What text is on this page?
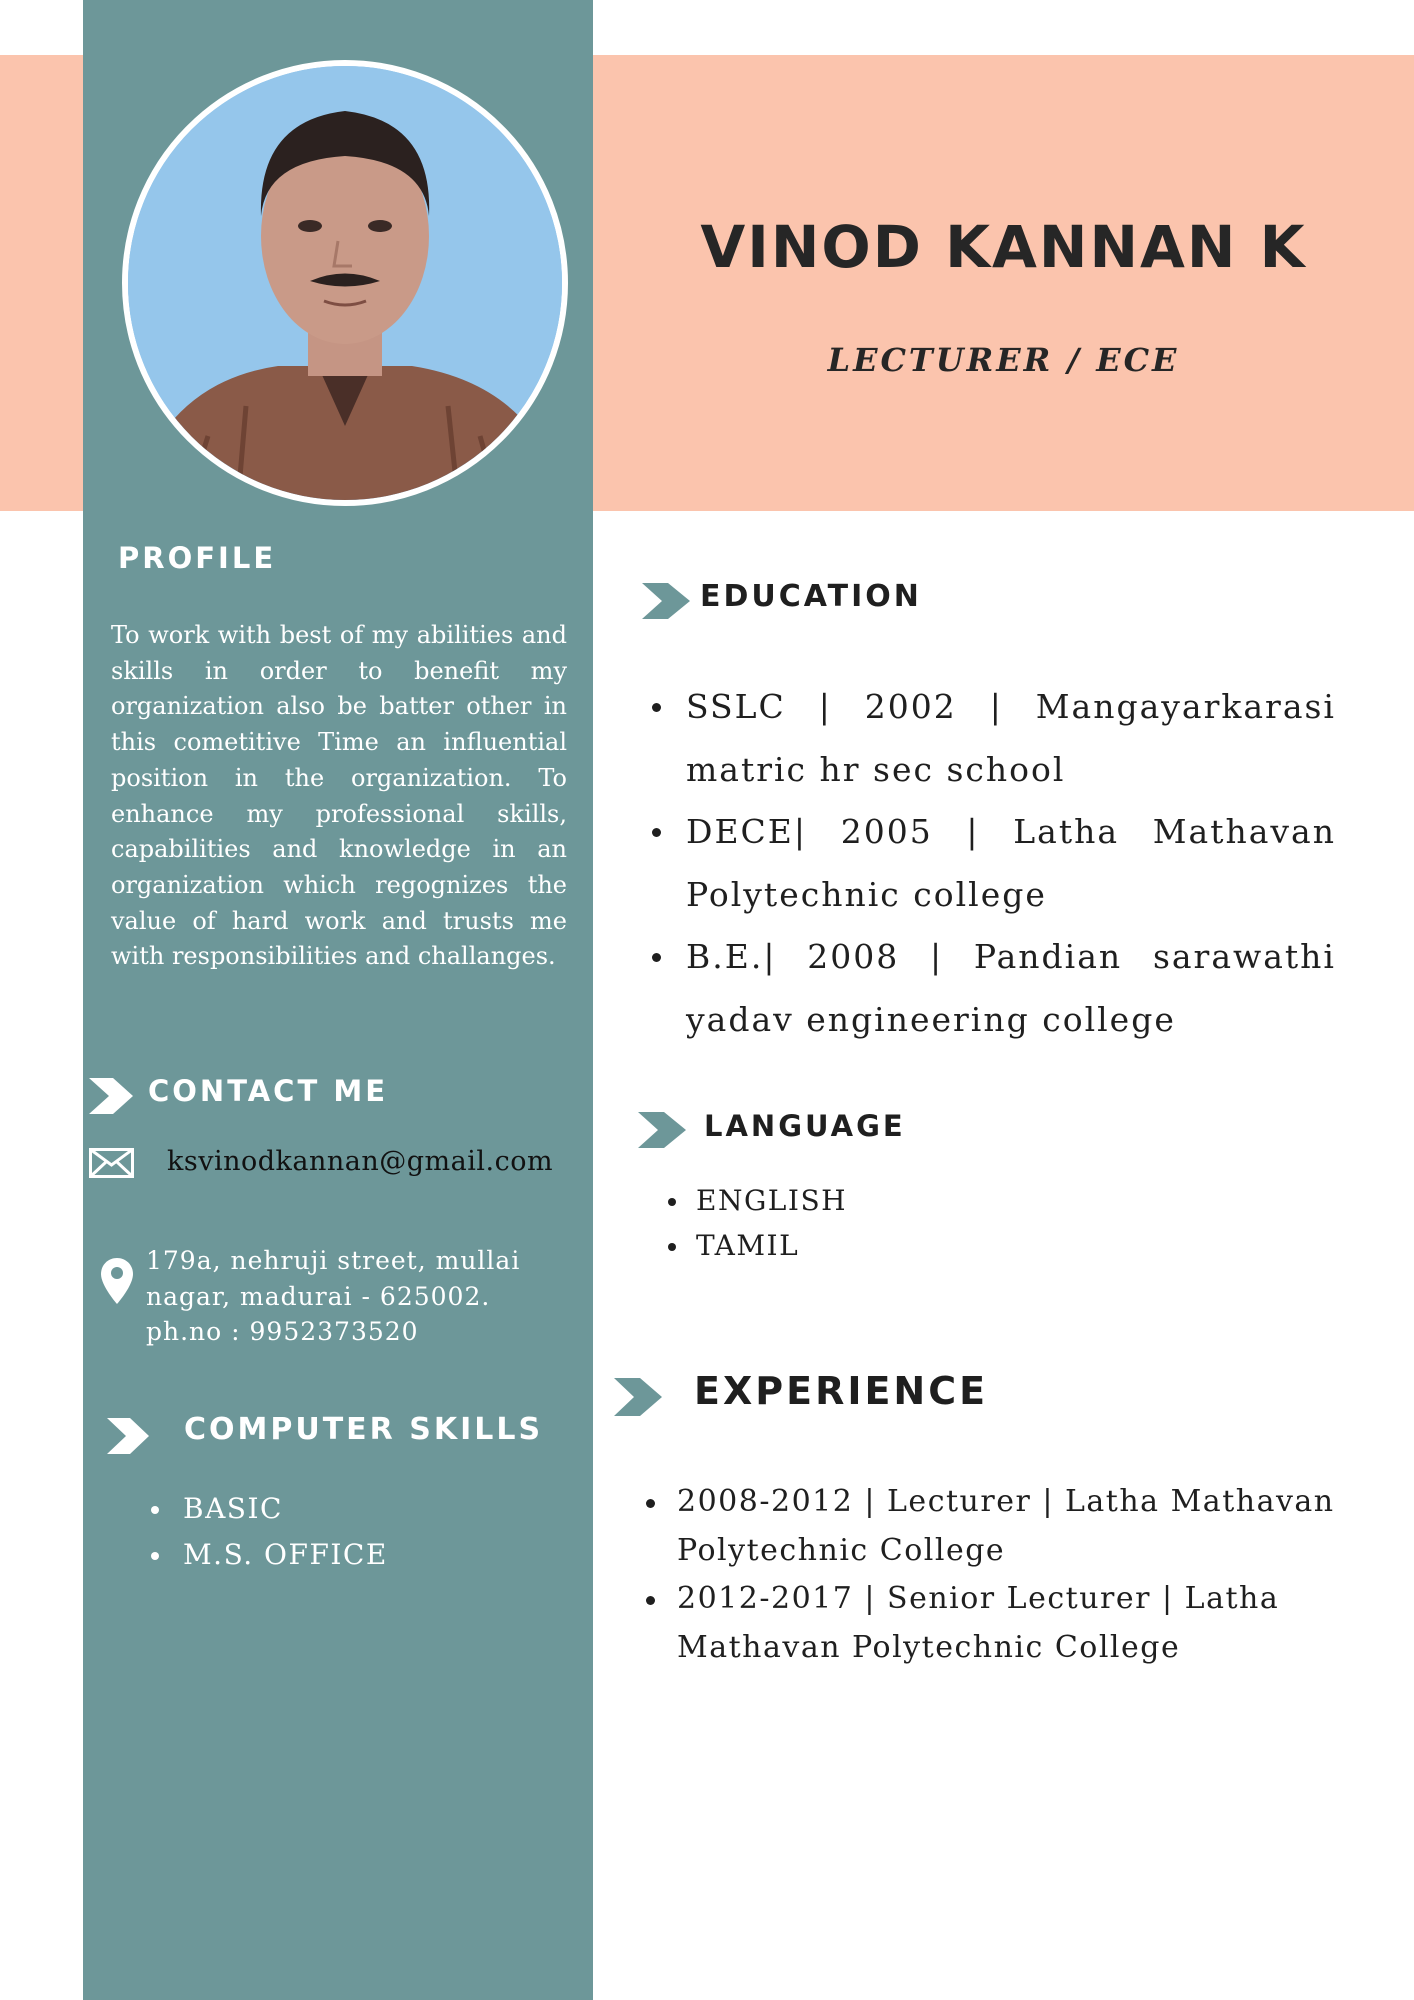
VINOD KANNAN K
LECTURER / ECE
PROFILE
To work with best of my abilities and skills in order to benefit my organization also be batter other in this cometitive Time an influential position in the organization. To enhance my professional skills, capabilities and knowledge in an organization which regognizes the value of hard work and trusts me with responsibilities and challanges.
CONTACT ME
ksvinodkannan@gmail.com
179a, nehruji street, mullai
nagar, madurai - 625002.
ph.no : 9952373520
COMPUTER SKILLS
BASIC
M.S. OFFICE
EDUCATION
SSLC | 2002 | Mangayarkarasi matric hr sec school
DECE| 2005 | Latha Mathavan Polytechnic college
B.E.| 2008 | Pandian sarawathi yadav engineering college
LANGUAGE
ENGLISH
TAMIL
EXPERIENCE
2008-2012 | Lecturer | Latha Mathavan Polytechnic College
2012-2017 | Senior Lecturer | Latha Mathavan Polytechnic College
